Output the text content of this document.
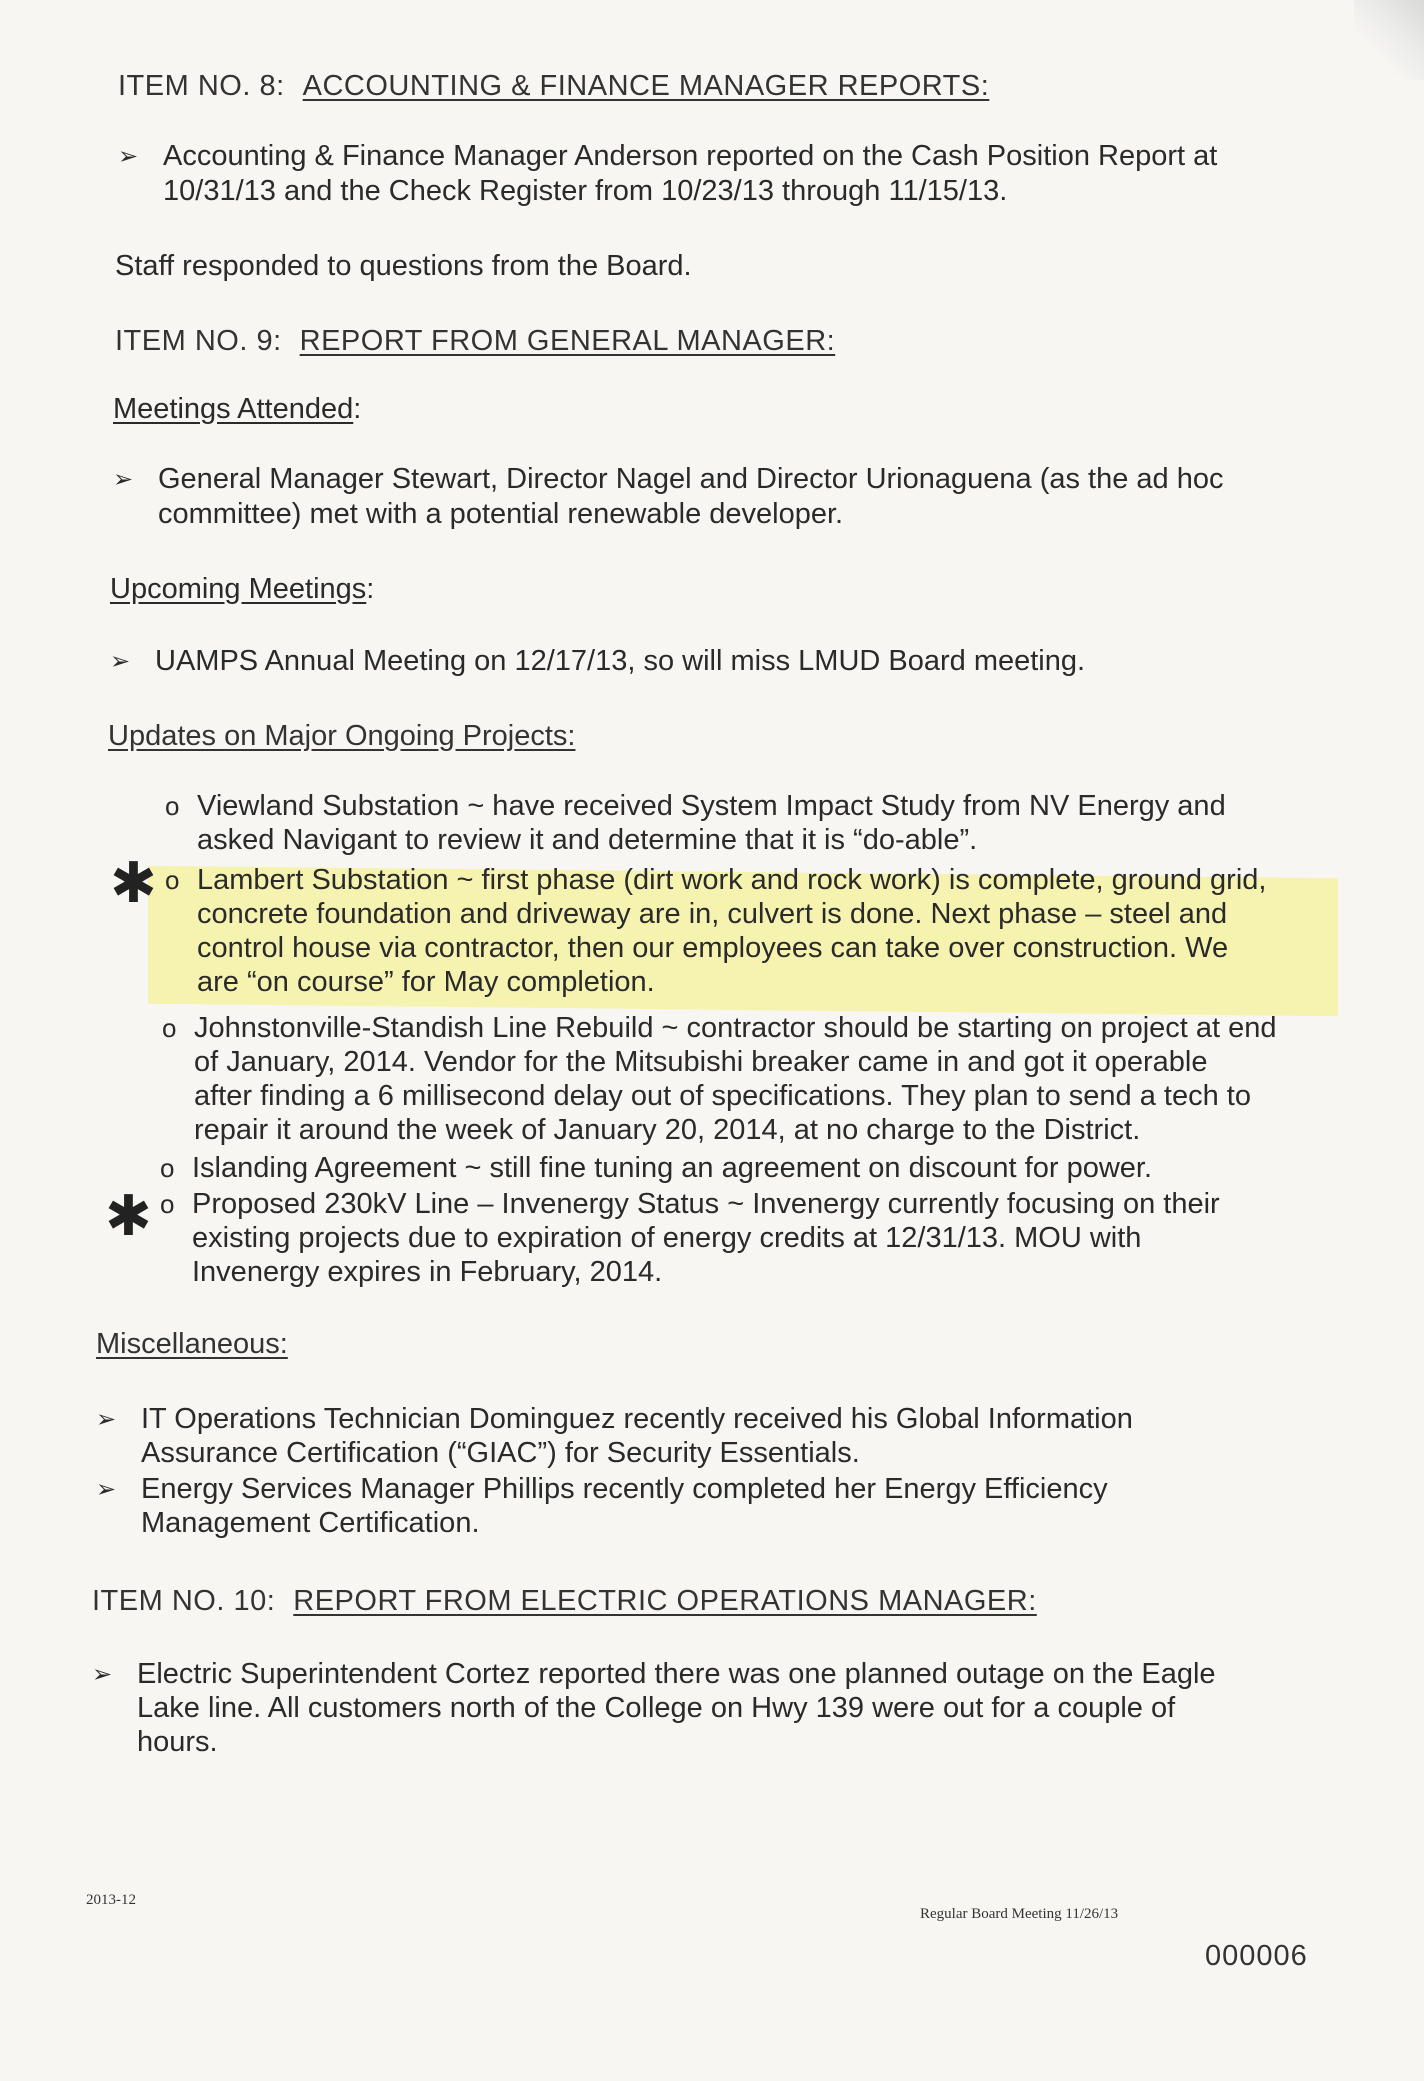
ITEM NO. 8: ACCOUNTING & FINANCE MANAGER REPORTS:
➢ Accounting & Finance Manager Anderson reported on the Cash Position Report at
10/31/13 and the Check Register from 10/23/13 through 11/15/13.
Staff responded to questions from the Board.
ITEM NO. 9: REPORT FROM GENERAL MANAGER:
Meetings Attended:
➢ General Manager Stewart, Director Nagel and Director Urionaguena (as the ad hoc
committee) met with a potential renewable developer.
Upcoming Meetings:
➢ UAMPS Annual Meeting on 12/17/13, so will miss LMUD Board meeting.
Updates on Major Ongoing Projects:
o Viewland Substation ~ have received System Impact Study from NV Energy and
asked Navigant to review it and determine that it is “do-able”.
✱ o Lambert Substation ~ first phase (dirt work and rock work) is complete, ground grid,
concrete foundation and driveway are in, culvert is done. Next phase – steel and
control house via contractor, then our employees can take over construction. We
are “on course” for May completion.
o Johnstonville-Standish Line Rebuild ~ contractor should be starting on project at end
of January, 2014. Vendor for the Mitsubishi breaker came in and got it operable
after finding a 6 millisecond delay out of specifications. They plan to send a tech to
repair it around the week of January 20, 2014, at no charge to the District.
o Islanding Agreement ~ still fine tuning an agreement on discount for power.
✱ o Proposed 230kV Line – Invenergy Status ~ Invenergy currently focusing on their
existing projects due to expiration of energy credits at 12/31/13. MOU with
Invenergy expires in February, 2014.
Miscellaneous:
➢ IT Operations Technician Dominguez recently received his Global Information
Assurance Certification (“GIAC”) for Security Essentials.
➢ Energy Services Manager Phillips recently completed her Energy Efficiency
Management Certification.
ITEM NO. 10: REPORT FROM ELECTRIC OPERATIONS MANAGER:
➢ Electric Superintendent Cortez reported there was one planned outage on the Eagle
Lake line. All customers north of the College on Hwy 139 were out for a couple of
hours.
2013-12
Regular Board Meeting 11/26/13
000006
